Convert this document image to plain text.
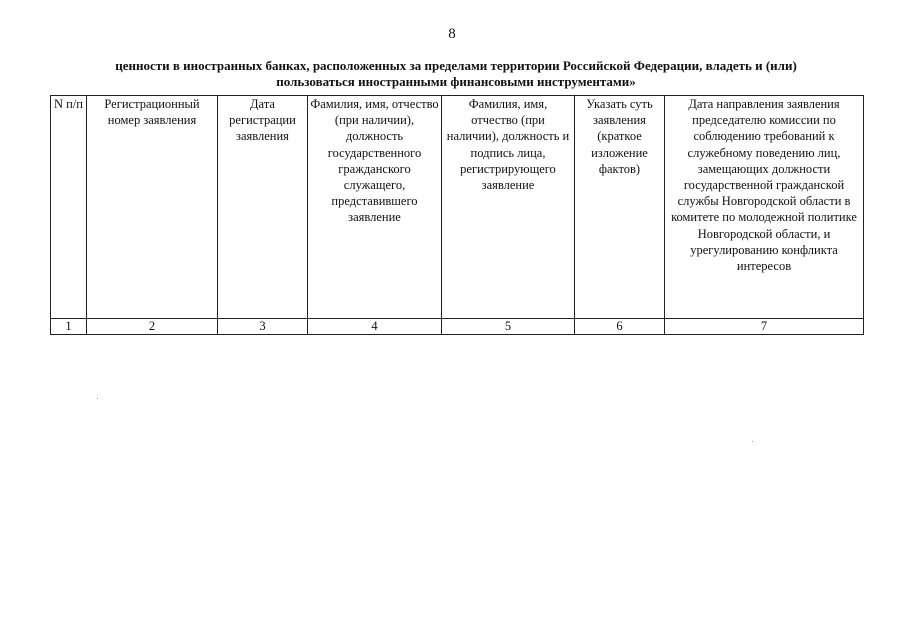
8
ценности в иностранных банках, расположенных за пределами территории Российской Федерации, владеть и (или)
пользоваться иностранными финансовыми инструментами»
N п/п	Регистрационный номер заявления	Дата регистрации заявления	Фамилия, имя, отчество (при наличии), должность государственного гражданского служащего, представившего заявление	Фамилия, имя, отчество (при наличии), должность и подпись лица, регистрирующего заявление	Указать суть заявления (краткое изложение фактов)	Дата направления заявления председателю комиссии по соблюдению требований к служебному поведению лиц, замещающих должности государственной гражданской службы Новгородской области в комитете по молодежной политике Новгородской области, и урегулированию конфликта интересов
1	2	3	4	5	6	7
